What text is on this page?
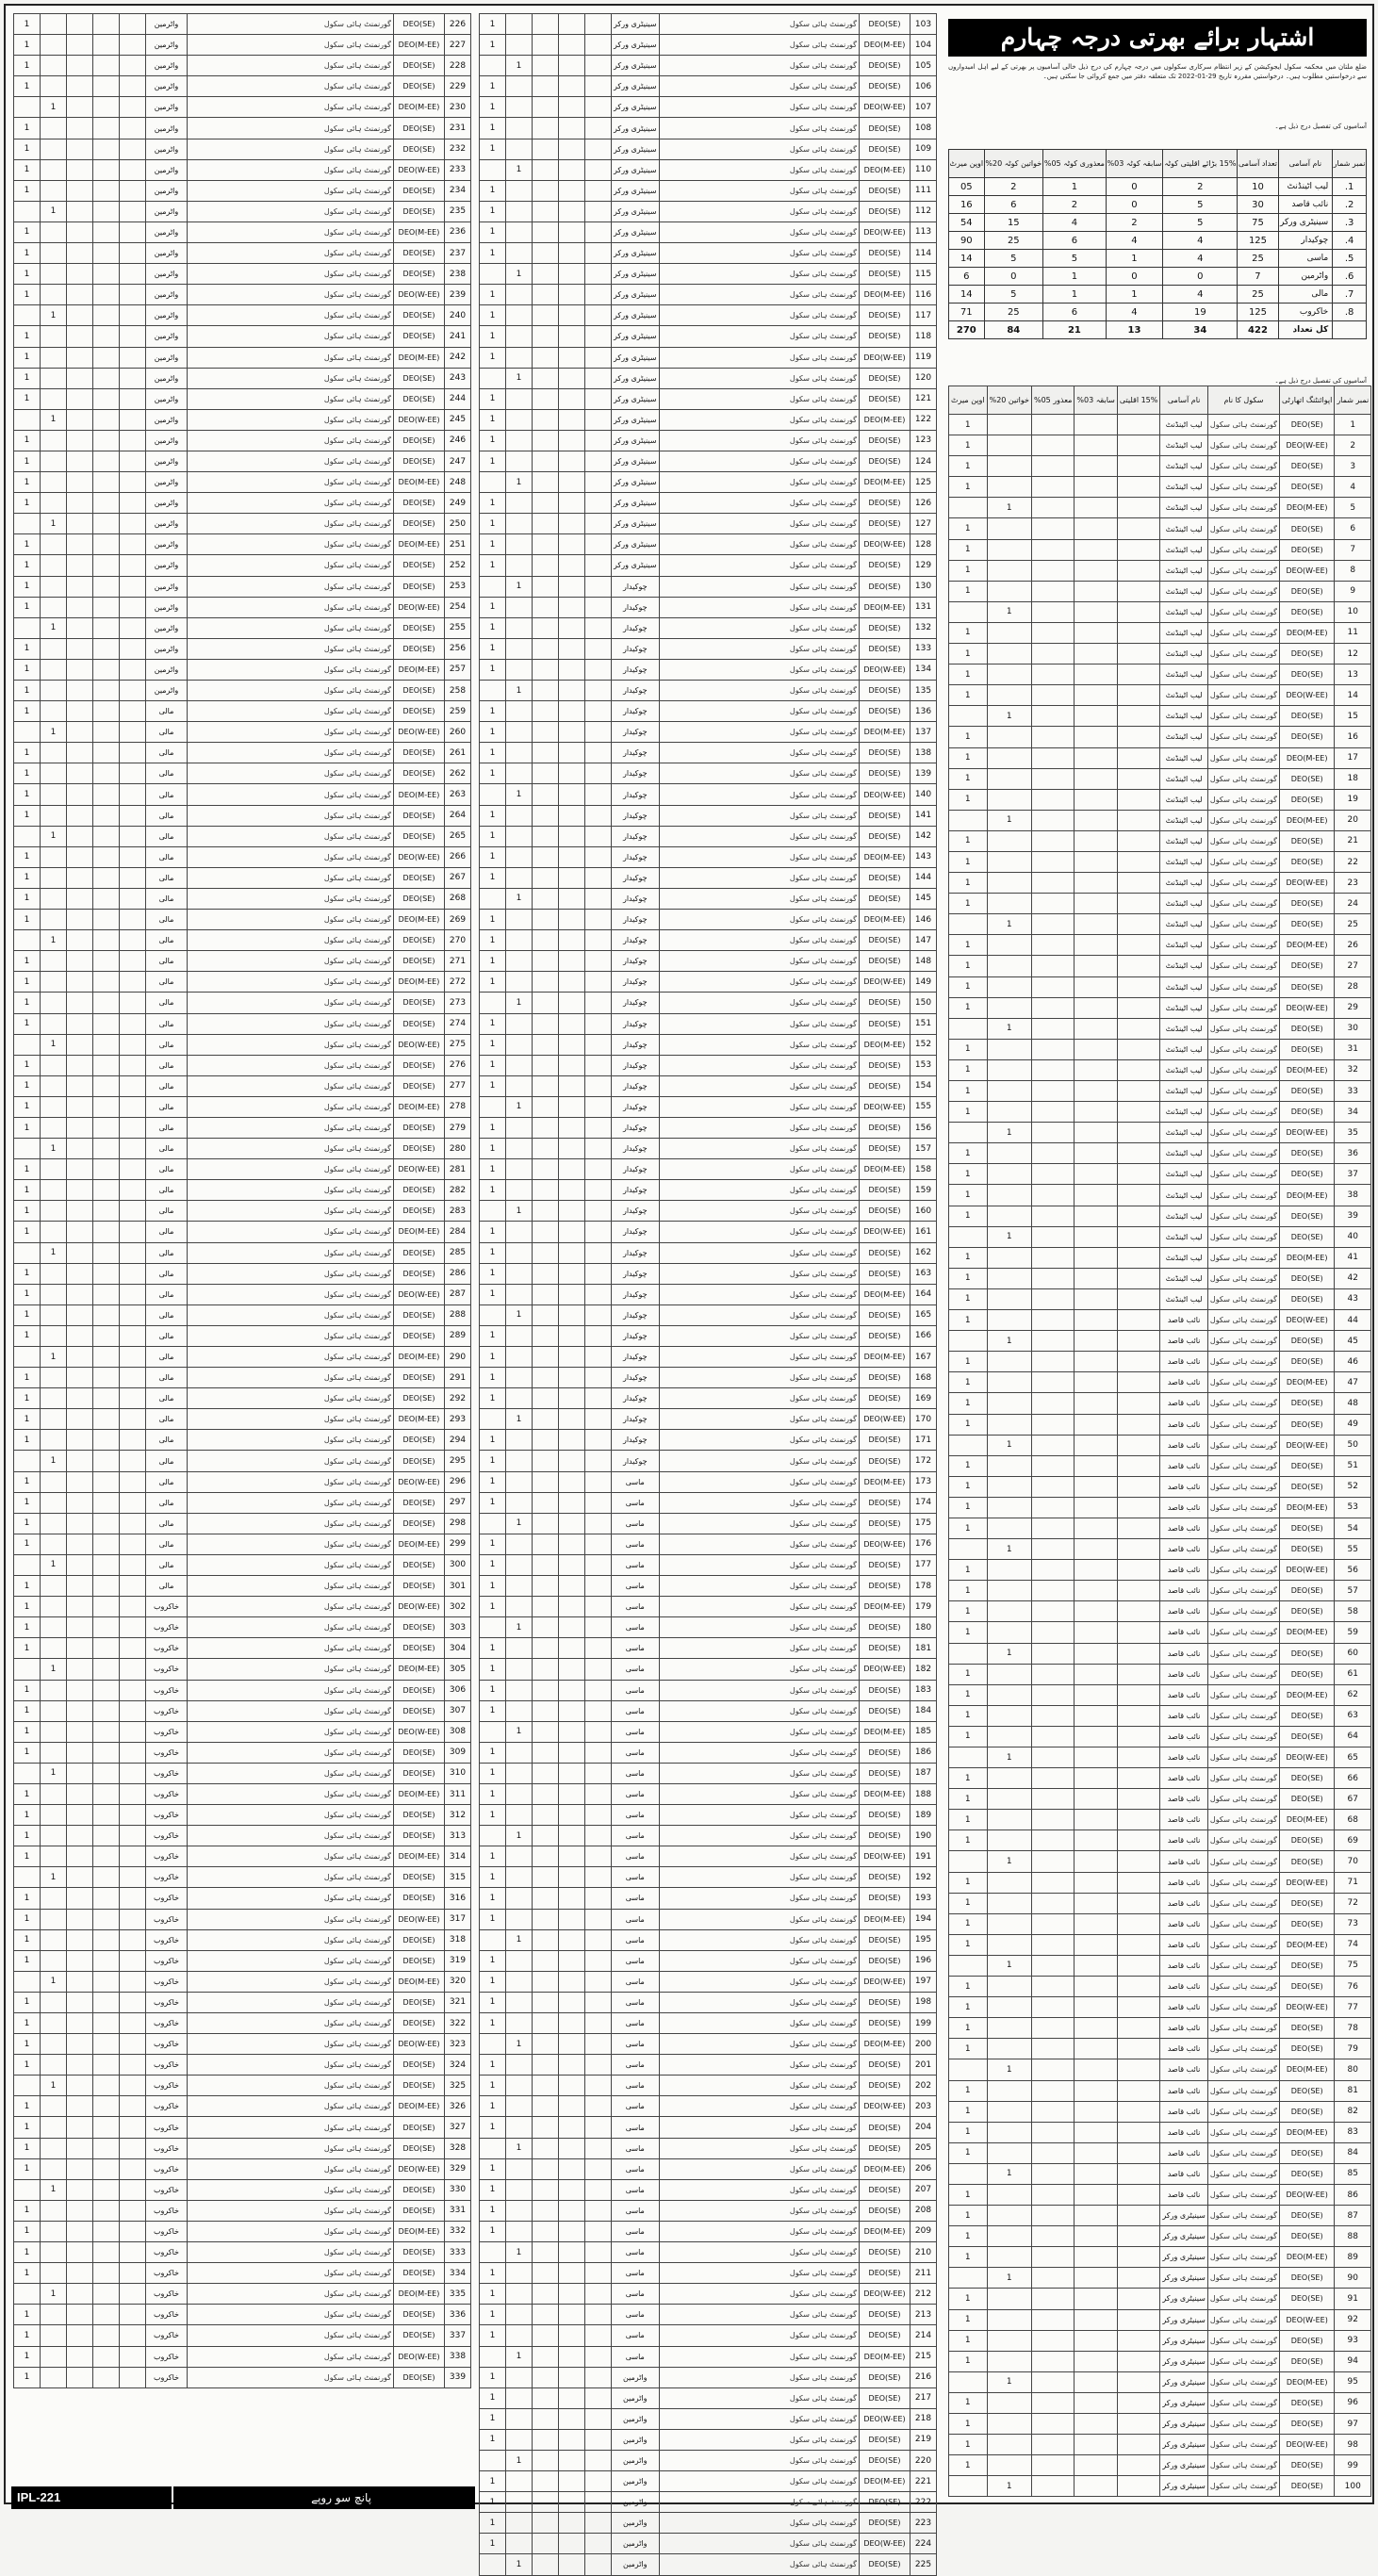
اشتہار برائے بھرتی درجہ چہارم
ضلع ملتان میں محکمہ سکول ایجوکیشن کے زیر انتظام سرکاری سکولوں میں درجہ چہارم کی درج ذیل خالی آسامیوں پر بھرتی کے لیے اہل امیدواروں سے درخواستیں مطلوب ہیں۔ درخواستیں مقررہ تاریخ 29-01-2022 تک متعلقہ دفتر میں جمع کروائی جا سکتی ہیں۔
آسامیوں کی تفصیل درج ذیل ہے۔
نمبر شمار	نام آسامی	تعداد آسامی	15% بڑائے اقلیتی کوٹہ	سابقہ کوٹہ 03%	معذوری کوٹہ 05%	خواتین کوٹہ 20%	اوپن میرٹ
1.	لیب اٹینڈنٹ	10	2	0	1	2	05
2.	نائب قاصد	30	5	0	2	6	16
3.	سینیٹری ورکر	75	5	2	4	15	54
4.	چوکیدار	125	4	4	6	25	90
5.	ماسی	25	4	1	5	5	14
6.	واٹرمین	7	0	0	1	0	6
7.	مالی	25	4	1	1	5	14
8.	خاکروب	125	19	4	6	25	71
	کل تعداد	422	34	13	21	84	270
آسامیوں کی تفصیل درج ذیل ہے۔
نمبر شمار	اپوائنٹنگ اتھارٹی	سکول کا نام	نام آسامی	15% اقلیتی	سابقہ 03%	معذور 05%	خواتین 20%	اوپن میرٹ
1	DEO(SE)	گورنمنٹ ہائی سکول	لیب اٹینڈنٹ					1
2	DEO(W-EE)	گورنمنٹ ہائی سکول	لیب اٹینڈنٹ					1
3	DEO(SE)	گورنمنٹ ہائی سکول	لیب اٹینڈنٹ					1
4	DEO(SE)	گورنمنٹ ہائی سکول	لیب اٹینڈنٹ					1
5	DEO(M-EE)	گورنمنٹ ہائی سکول	لیب اٹینڈنٹ				1	
6	DEO(SE)	گورنمنٹ ہائی سکول	لیب اٹینڈنٹ					1
7	DEO(SE)	گورنمنٹ ہائی سکول	لیب اٹینڈنٹ					1
8	DEO(W-EE)	گورنمنٹ ہائی سکول	لیب اٹینڈنٹ					1
9	DEO(SE)	گورنمنٹ ہائی سکول	لیب اٹینڈنٹ					1
10	DEO(SE)	گورنمنٹ ہائی سکول	لیب اٹینڈنٹ				1	
11	DEO(M-EE)	گورنمنٹ ہائی سکول	لیب اٹینڈنٹ					1
12	DEO(SE)	گورنمنٹ ہائی سکول	لیب اٹینڈنٹ					1
13	DEO(SE)	گورنمنٹ ہائی سکول	لیب اٹینڈنٹ					1
14	DEO(W-EE)	گورنمنٹ ہائی سکول	لیب اٹینڈنٹ					1
15	DEO(SE)	گورنمنٹ ہائی سکول	لیب اٹینڈنٹ				1	
16	DEO(SE)	گورنمنٹ ہائی سکول	لیب اٹینڈنٹ					1
17	DEO(M-EE)	گورنمنٹ ہائی سکول	لیب اٹینڈنٹ					1
18	DEO(SE)	گورنمنٹ ہائی سکول	لیب اٹینڈنٹ					1
19	DEO(SE)	گورنمنٹ ہائی سکول	لیب اٹینڈنٹ					1
20	DEO(M-EE)	گورنمنٹ ہائی سکول	لیب اٹینڈنٹ				1	
21	DEO(SE)	گورنمنٹ ہائی سکول	لیب اٹینڈنٹ					1
22	DEO(SE)	گورنمنٹ ہائی سکول	لیب اٹینڈنٹ					1
23	DEO(W-EE)	گورنمنٹ ہائی سکول	لیب اٹینڈنٹ					1
24	DEO(SE)	گورنمنٹ ہائی سکول	لیب اٹینڈنٹ					1
25	DEO(SE)	گورنمنٹ ہائی سکول	لیب اٹینڈنٹ				1	
26	DEO(M-EE)	گورنمنٹ ہائی سکول	لیب اٹینڈنٹ					1
27	DEO(SE)	گورنمنٹ ہائی سکول	لیب اٹینڈنٹ					1
28	DEO(SE)	گورنمنٹ ہائی سکول	لیب اٹینڈنٹ					1
29	DEO(W-EE)	گورنمنٹ ہائی سکول	لیب اٹینڈنٹ					1
30	DEO(SE)	گورنمنٹ ہائی سکول	لیب اٹینڈنٹ				1	
31	DEO(SE)	گورنمنٹ ہائی سکول	لیب اٹینڈنٹ					1
32	DEO(M-EE)	گورنمنٹ ہائی سکول	لیب اٹینڈنٹ					1
33	DEO(SE)	گورنمنٹ ہائی سکول	لیب اٹینڈنٹ					1
34	DEO(SE)	گورنمنٹ ہائی سکول	لیب اٹینڈنٹ					1
35	DEO(W-EE)	گورنمنٹ ہائی سکول	لیب اٹینڈنٹ				1	
36	DEO(SE)	گورنمنٹ ہائی سکول	لیب اٹینڈنٹ					1
37	DEO(SE)	گورنمنٹ ہائی سکول	لیب اٹینڈنٹ					1
38	DEO(M-EE)	گورنمنٹ ہائی سکول	لیب اٹینڈنٹ					1
39	DEO(SE)	گورنمنٹ ہائی سکول	لیب اٹینڈنٹ					1
40	DEO(SE)	گورنمنٹ ہائی سکول	لیب اٹینڈنٹ				1	
41	DEO(M-EE)	گورنمنٹ ہائی سکول	لیب اٹینڈنٹ					1
42	DEO(SE)	گورنمنٹ ہائی سکول	لیب اٹینڈنٹ					1
43	DEO(SE)	گورنمنٹ ہائی سکول	لیب اٹینڈنٹ					1
44	DEO(W-EE)	گورنمنٹ ہائی سکول	نائب قاصد					1
45	DEO(SE)	گورنمنٹ ہائی سکول	نائب قاصد				1	
46	DEO(SE)	گورنمنٹ ہائی سکول	نائب قاصد					1
47	DEO(M-EE)	گورنمنٹ ہائی سکول	نائب قاصد					1
48	DEO(SE)	گورنمنٹ ہائی سکول	نائب قاصد					1
49	DEO(SE)	گورنمنٹ ہائی سکول	نائب قاصد					1
50	DEO(W-EE)	گورنمنٹ ہائی سکول	نائب قاصد				1	
51	DEO(SE)	گورنمنٹ ہائی سکول	نائب قاصد					1
52	DEO(SE)	گورنمنٹ ہائی سکول	نائب قاصد					1
53	DEO(M-EE)	گورنمنٹ ہائی سکول	نائب قاصد					1
54	DEO(SE)	گورنمنٹ ہائی سکول	نائب قاصد					1
55	DEO(SE)	گورنمنٹ ہائی سکول	نائب قاصد				1	
56	DEO(W-EE)	گورنمنٹ ہائی سکول	نائب قاصد					1
57	DEO(SE)	گورنمنٹ ہائی سکول	نائب قاصد					1
58	DEO(SE)	گورنمنٹ ہائی سکول	نائب قاصد					1
59	DEO(M-EE)	گورنمنٹ ہائی سکول	نائب قاصد					1
60	DEO(SE)	گورنمنٹ ہائی سکول	نائب قاصد				1	
61	DEO(SE)	گورنمنٹ ہائی سکول	نائب قاصد					1
62	DEO(M-EE)	گورنمنٹ ہائی سکول	نائب قاصد					1
63	DEO(SE)	گورنمنٹ ہائی سکول	نائب قاصد					1
64	DEO(SE)	گورنمنٹ ہائی سکول	نائب قاصد					1
65	DEO(W-EE)	گورنمنٹ ہائی سکول	نائب قاصد				1	
66	DEO(SE)	گورنمنٹ ہائی سکول	نائب قاصد					1
67	DEO(SE)	گورنمنٹ ہائی سکول	نائب قاصد					1
68	DEO(M-EE)	گورنمنٹ ہائی سکول	نائب قاصد					1
69	DEO(SE)	گورنمنٹ ہائی سکول	نائب قاصد					1
70	DEO(SE)	گورنمنٹ ہائی سکول	نائب قاصد				1	
71	DEO(W-EE)	گورنمنٹ ہائی سکول	نائب قاصد					1
72	DEO(SE)	گورنمنٹ ہائی سکول	نائب قاصد					1
73	DEO(SE)	گورنمنٹ ہائی سکول	نائب قاصد					1
74	DEO(M-EE)	گورنمنٹ ہائی سکول	نائب قاصد					1
75	DEO(SE)	گورنمنٹ ہائی سکول	نائب قاصد				1	
76	DEO(SE)	گورنمنٹ ہائی سکول	نائب قاصد					1
77	DEO(W-EE)	گورنمنٹ ہائی سکول	نائب قاصد					1
78	DEO(SE)	گورنمنٹ ہائی سکول	نائب قاصد					1
79	DEO(SE)	گورنمنٹ ہائی سکول	نائب قاصد					1
80	DEO(M-EE)	گورنمنٹ ہائی سکول	نائب قاصد				1	
81	DEO(SE)	گورنمنٹ ہائی سکول	نائب قاصد					1
82	DEO(SE)	گورنمنٹ ہائی سکول	نائب قاصد					1
83	DEO(M-EE)	گورنمنٹ ہائی سکول	نائب قاصد					1
84	DEO(SE)	گورنمنٹ ہائی سکول	نائب قاصد					1
85	DEO(SE)	گورنمنٹ ہائی سکول	نائب قاصد				1	
86	DEO(W-EE)	گورنمنٹ ہائی سکول	نائب قاصد					1
87	DEO(SE)	گورنمنٹ ہائی سکول	سینیٹری ورکر					1
88	DEO(SE)	گورنمنٹ ہائی سکول	سینیٹری ورکر					1
89	DEO(M-EE)	گورنمنٹ ہائی سکول	سینیٹری ورکر					1
90	DEO(SE)	گورنمنٹ ہائی سکول	سینیٹری ورکر				1	
91	DEO(SE)	گورنمنٹ ہائی سکول	سینیٹری ورکر					1
92	DEO(W-EE)	گورنمنٹ ہائی سکول	سینیٹری ورکر					1
93	DEO(SE)	گورنمنٹ ہائی سکول	سینیٹری ورکر					1
94	DEO(SE)	گورنمنٹ ہائی سکول	سینیٹری ورکر					1
95	DEO(M-EE)	گورنمنٹ ہائی سکول	سینیٹری ورکر				1	
96	DEO(SE)	گورنمنٹ ہائی سکول	سینیٹری ورکر					1
97	DEO(SE)	گورنمنٹ ہائی سکول	سینیٹری ورکر					1
98	DEO(W-EE)	گورنمنٹ ہائی سکول	سینیٹری ورکر					1
99	DEO(SE)	گورنمنٹ ہائی سکول	سینیٹری ورکر					1
100	DEO(SE)	گورنمنٹ ہائی سکول	سینیٹری ورکر				1	
103	DEO(SE)	گورنمنٹ ہائی سکول	سینیٹری ورکر					1
104	DEO(M-EE)	گورنمنٹ ہائی سکول	سینیٹری ورکر					1
105	DEO(SE)	گورنمنٹ ہائی سکول	سینیٹری ورکر				1	
106	DEO(SE)	گورنمنٹ ہائی سکول	سینیٹری ورکر					1
107	DEO(W-EE)	گورنمنٹ ہائی سکول	سینیٹری ورکر					1
108	DEO(SE)	گورنمنٹ ہائی سکول	سینیٹری ورکر					1
109	DEO(SE)	گورنمنٹ ہائی سکول	سینیٹری ورکر					1
110	DEO(M-EE)	گورنمنٹ ہائی سکول	سینیٹری ورکر				1	
111	DEO(SE)	گورنمنٹ ہائی سکول	سینیٹری ورکر					1
112	DEO(SE)	گورنمنٹ ہائی سکول	سینیٹری ورکر					1
113	DEO(W-EE)	گورنمنٹ ہائی سکول	سینیٹری ورکر					1
114	DEO(SE)	گورنمنٹ ہائی سکول	سینیٹری ورکر					1
115	DEO(SE)	گورنمنٹ ہائی سکول	سینیٹری ورکر				1	
116	DEO(M-EE)	گورنمنٹ ہائی سکول	سینیٹری ورکر					1
117	DEO(SE)	گورنمنٹ ہائی سکول	سینیٹری ورکر					1
118	DEO(SE)	گورنمنٹ ہائی سکول	سینیٹری ورکر					1
119	DEO(W-EE)	گورنمنٹ ہائی سکول	سینیٹری ورکر					1
120	DEO(SE)	گورنمنٹ ہائی سکول	سینیٹری ورکر				1	
121	DEO(SE)	گورنمنٹ ہائی سکول	سینیٹری ورکر					1
122	DEO(M-EE)	گورنمنٹ ہائی سکول	سینیٹری ورکر					1
123	DEO(SE)	گورنمنٹ ہائی سکول	سینیٹری ورکر					1
124	DEO(SE)	گورنمنٹ ہائی سکول	سینیٹری ورکر					1
125	DEO(M-EE)	گورنمنٹ ہائی سکول	سینیٹری ورکر				1	
126	DEO(SE)	گورنمنٹ ہائی سکول	سینیٹری ورکر					1
127	DEO(SE)	گورنمنٹ ہائی سکول	سینیٹری ورکر					1
128	DEO(W-EE)	گورنمنٹ ہائی سکول	سینیٹری ورکر					1
129	DEO(SE)	گورنمنٹ ہائی سکول	سینیٹری ورکر					1
130	DEO(SE)	گورنمنٹ ہائی سکول	چوکیدار				1	
131	DEO(M-EE)	گورنمنٹ ہائی سکول	چوکیدار					1
132	DEO(SE)	گورنمنٹ ہائی سکول	چوکیدار					1
133	DEO(SE)	گورنمنٹ ہائی سکول	چوکیدار					1
134	DEO(W-EE)	گورنمنٹ ہائی سکول	چوکیدار					1
135	DEO(SE)	گورنمنٹ ہائی سکول	چوکیدار				1	
136	DEO(SE)	گورنمنٹ ہائی سکول	چوکیدار					1
137	DEO(M-EE)	گورنمنٹ ہائی سکول	چوکیدار					1
138	DEO(SE)	گورنمنٹ ہائی سکول	چوکیدار					1
139	DEO(SE)	گورنمنٹ ہائی سکول	چوکیدار					1
140	DEO(W-EE)	گورنمنٹ ہائی سکول	چوکیدار				1	
141	DEO(SE)	گورنمنٹ ہائی سکول	چوکیدار					1
142	DEO(SE)	گورنمنٹ ہائی سکول	چوکیدار					1
143	DEO(M-EE)	گورنمنٹ ہائی سکول	چوکیدار					1
144	DEO(SE)	گورنمنٹ ہائی سکول	چوکیدار					1
145	DEO(SE)	گورنمنٹ ہائی سکول	چوکیدار				1	
146	DEO(M-EE)	گورنمنٹ ہائی سکول	چوکیدار					1
147	DEO(SE)	گورنمنٹ ہائی سکول	چوکیدار					1
148	DEO(SE)	گورنمنٹ ہائی سکول	چوکیدار					1
149	DEO(W-EE)	گورنمنٹ ہائی سکول	چوکیدار					1
150	DEO(SE)	گورنمنٹ ہائی سکول	چوکیدار				1	
151	DEO(SE)	گورنمنٹ ہائی سکول	چوکیدار					1
152	DEO(M-EE)	گورنمنٹ ہائی سکول	چوکیدار					1
153	DEO(SE)	گورنمنٹ ہائی سکول	چوکیدار					1
154	DEO(SE)	گورنمنٹ ہائی سکول	چوکیدار					1
155	DEO(W-EE)	گورنمنٹ ہائی سکول	چوکیدار				1	
156	DEO(SE)	گورنمنٹ ہائی سکول	چوکیدار					1
157	DEO(SE)	گورنمنٹ ہائی سکول	چوکیدار					1
158	DEO(M-EE)	گورنمنٹ ہائی سکول	چوکیدار					1
159	DEO(SE)	گورنمنٹ ہائی سکول	چوکیدار					1
160	DEO(SE)	گورنمنٹ ہائی سکول	چوکیدار				1	
161	DEO(W-EE)	گورنمنٹ ہائی سکول	چوکیدار					1
162	DEO(SE)	گورنمنٹ ہائی سکول	چوکیدار					1
163	DEO(SE)	گورنمنٹ ہائی سکول	چوکیدار					1
164	DEO(M-EE)	گورنمنٹ ہائی سکول	چوکیدار					1
165	DEO(SE)	گورنمنٹ ہائی سکول	چوکیدار				1	
166	DEO(SE)	گورنمنٹ ہائی سکول	چوکیدار					1
167	DEO(M-EE)	گورنمنٹ ہائی سکول	چوکیدار					1
168	DEO(SE)	گورنمنٹ ہائی سکول	چوکیدار					1
169	DEO(SE)	گورنمنٹ ہائی سکول	چوکیدار					1
170	DEO(W-EE)	گورنمنٹ ہائی سکول	چوکیدار				1	
171	DEO(SE)	گورنمنٹ ہائی سکول	چوکیدار					1
172	DEO(SE)	گورنمنٹ ہائی سکول	چوکیدار					1
173	DEO(M-EE)	گورنمنٹ ہائی سکول	ماسی					1
174	DEO(SE)	گورنمنٹ ہائی سکول	ماسی					1
175	DEO(SE)	گورنمنٹ ہائی سکول	ماسی				1	
176	DEO(W-EE)	گورنمنٹ ہائی سکول	ماسی					1
177	DEO(SE)	گورنمنٹ ہائی سکول	ماسی					1
178	DEO(SE)	گورنمنٹ ہائی سکول	ماسی					1
179	DEO(M-EE)	گورنمنٹ ہائی سکول	ماسی					1
180	DEO(SE)	گورنمنٹ ہائی سکول	ماسی				1	
181	DEO(SE)	گورنمنٹ ہائی سکول	ماسی					1
182	DEO(W-EE)	گورنمنٹ ہائی سکول	ماسی					1
183	DEO(SE)	گورنمنٹ ہائی سکول	ماسی					1
184	DEO(SE)	گورنمنٹ ہائی سکول	ماسی					1
185	DEO(M-EE)	گورنمنٹ ہائی سکول	ماسی				1	
186	DEO(SE)	گورنمنٹ ہائی سکول	ماسی					1
187	DEO(SE)	گورنمنٹ ہائی سکول	ماسی					1
188	DEO(M-EE)	گورنمنٹ ہائی سکول	ماسی					1
189	DEO(SE)	گورنمنٹ ہائی سکول	ماسی					1
190	DEO(SE)	گورنمنٹ ہائی سکول	ماسی				1	
191	DEO(W-EE)	گورنمنٹ ہائی سکول	ماسی					1
192	DEO(SE)	گورنمنٹ ہائی سکول	ماسی					1
193	DEO(SE)	گورنمنٹ ہائی سکول	ماسی					1
194	DEO(M-EE)	گورنمنٹ ہائی سکول	ماسی					1
195	DEO(SE)	گورنمنٹ ہائی سکول	ماسی				1	
196	DEO(SE)	گورنمنٹ ہائی سکول	ماسی					1
197	DEO(W-EE)	گورنمنٹ ہائی سکول	ماسی					1
198	DEO(SE)	گورنمنٹ ہائی سکول	ماسی					1
199	DEO(SE)	گورنمنٹ ہائی سکول	ماسی					1
200	DEO(M-EE)	گورنمنٹ ہائی سکول	ماسی				1	
201	DEO(SE)	گورنمنٹ ہائی سکول	ماسی					1
202	DEO(SE)	گورنمنٹ ہائی سکول	ماسی					1
203	DEO(W-EE)	گورنمنٹ ہائی سکول	ماسی					1
204	DEO(SE)	گورنمنٹ ہائی سکول	ماسی					1
205	DEO(SE)	گورنمنٹ ہائی سکول	ماسی				1	
206	DEO(M-EE)	گورنمنٹ ہائی سکول	ماسی					1
207	DEO(SE)	گورنمنٹ ہائی سکول	ماسی					1
208	DEO(SE)	گورنمنٹ ہائی سکول	ماسی					1
209	DEO(M-EE)	گورنمنٹ ہائی سکول	ماسی					1
210	DEO(SE)	گورنمنٹ ہائی سکول	ماسی				1	
211	DEO(SE)	گورنمنٹ ہائی سکول	ماسی					1
212	DEO(W-EE)	گورنمنٹ ہائی سکول	ماسی					1
213	DEO(SE)	گورنمنٹ ہائی سکول	ماسی					1
214	DEO(SE)	گورنمنٹ ہائی سکول	ماسی					1
215	DEO(M-EE)	گورنمنٹ ہائی سکول	ماسی				1	
216	DEO(SE)	گورنمنٹ ہائی سکول	واٹرمین					1
217	DEO(SE)	گورنمنٹ ہائی سکول	واٹرمین					1
218	DEO(W-EE)	گورنمنٹ ہائی سکول	واٹرمین					1
219	DEO(SE)	گورنمنٹ ہائی سکول	واٹرمین					1
220	DEO(SE)	گورنمنٹ ہائی سکول	واٹرمین				1	
221	DEO(M-EE)	گورنمنٹ ہائی سکول	واٹرمین					1
222	DEO(SE)	گورنمنٹ ہائی سکول	واٹرمین					1
223	DEO(SE)	گورنمنٹ ہائی سکول	واٹرمین					1
224	DEO(W-EE)	گورنمنٹ ہائی سکول	واٹرمین					1
225	DEO(SE)	گورنمنٹ ہائی سکول	واٹرمین				1	
226	DEO(SE)	گورنمنٹ ہائی سکول	واٹرمین					1
227	DEO(M-EE)	گورنمنٹ ہائی سکول	واٹرمین					1
228	DEO(SE)	گورنمنٹ ہائی سکول	واٹرمین					1
229	DEO(SE)	گورنمنٹ ہائی سکول	واٹرمین					1
230	DEO(M-EE)	گورنمنٹ ہائی سکول	واٹرمین				1	
231	DEO(SE)	گورنمنٹ ہائی سکول	واٹرمین					1
232	DEO(SE)	گورنمنٹ ہائی سکول	واٹرمین					1
233	DEO(W-EE)	گورنمنٹ ہائی سکول	واٹرمین					1
234	DEO(SE)	گورنمنٹ ہائی سکول	واٹرمین					1
235	DEO(SE)	گورنمنٹ ہائی سکول	واٹرمین				1	
236	DEO(M-EE)	گورنمنٹ ہائی سکول	واٹرمین					1
237	DEO(SE)	گورنمنٹ ہائی سکول	واٹرمین					1
238	DEO(SE)	گورنمنٹ ہائی سکول	واٹرمین					1
239	DEO(W-EE)	گورنمنٹ ہائی سکول	واٹرمین					1
240	DEO(SE)	گورنمنٹ ہائی سکول	واٹرمین				1	
241	DEO(SE)	گورنمنٹ ہائی سکول	واٹرمین					1
242	DEO(M-EE)	گورنمنٹ ہائی سکول	واٹرمین					1
243	DEO(SE)	گورنمنٹ ہائی سکول	واٹرمین					1
244	DEO(SE)	گورنمنٹ ہائی سکول	واٹرمین					1
245	DEO(W-EE)	گورنمنٹ ہائی سکول	واٹرمین				1	
246	DEO(SE)	گورنمنٹ ہائی سکول	واٹرمین					1
247	DEO(SE)	گورنمنٹ ہائی سکول	واٹرمین					1
248	DEO(M-EE)	گورنمنٹ ہائی سکول	واٹرمین					1
249	DEO(SE)	گورنمنٹ ہائی سکول	واٹرمین					1
250	DEO(SE)	گورنمنٹ ہائی سکول	واٹرمین				1	
251	DEO(M-EE)	گورنمنٹ ہائی سکول	واٹرمین					1
252	DEO(SE)	گورنمنٹ ہائی سکول	واٹرمین					1
253	DEO(SE)	گورنمنٹ ہائی سکول	واٹرمین					1
254	DEO(W-EE)	گورنمنٹ ہائی سکول	واٹرمین					1
255	DEO(SE)	گورنمنٹ ہائی سکول	واٹرمین				1	
256	DEO(SE)	گورنمنٹ ہائی سکول	واٹرمین					1
257	DEO(M-EE)	گورنمنٹ ہائی سکول	واٹرمین					1
258	DEO(SE)	گورنمنٹ ہائی سکول	واٹرمین					1
259	DEO(SE)	گورنمنٹ ہائی سکول	مالی					1
260	DEO(W-EE)	گورنمنٹ ہائی سکول	مالی				1	
261	DEO(SE)	گورنمنٹ ہائی سکول	مالی					1
262	DEO(SE)	گورنمنٹ ہائی سکول	مالی					1
263	DEO(M-EE)	گورنمنٹ ہائی سکول	مالی					1
264	DEO(SE)	گورنمنٹ ہائی سکول	مالی					1
265	DEO(SE)	گورنمنٹ ہائی سکول	مالی				1	
266	DEO(W-EE)	گورنمنٹ ہائی سکول	مالی					1
267	DEO(SE)	گورنمنٹ ہائی سکول	مالی					1
268	DEO(SE)	گورنمنٹ ہائی سکول	مالی					1
269	DEO(M-EE)	گورنمنٹ ہائی سکول	مالی					1
270	DEO(SE)	گورنمنٹ ہائی سکول	مالی				1	
271	DEO(SE)	گورنمنٹ ہائی سکول	مالی					1
272	DEO(M-EE)	گورنمنٹ ہائی سکول	مالی					1
273	DEO(SE)	گورنمنٹ ہائی سکول	مالی					1
274	DEO(SE)	گورنمنٹ ہائی سکول	مالی					1
275	DEO(W-EE)	گورنمنٹ ہائی سکول	مالی				1	
276	DEO(SE)	گورنمنٹ ہائی سکول	مالی					1
277	DEO(SE)	گورنمنٹ ہائی سکول	مالی					1
278	DEO(M-EE)	گورنمنٹ ہائی سکول	مالی					1
279	DEO(SE)	گورنمنٹ ہائی سکول	مالی					1
280	DEO(SE)	گورنمنٹ ہائی سکول	مالی				1	
281	DEO(W-EE)	گورنمنٹ ہائی سکول	مالی					1
282	DEO(SE)	گورنمنٹ ہائی سکول	مالی					1
283	DEO(SE)	گورنمنٹ ہائی سکول	مالی					1
284	DEO(M-EE)	گورنمنٹ ہائی سکول	مالی					1
285	DEO(SE)	گورنمنٹ ہائی سکول	مالی				1	
286	DEO(SE)	گورنمنٹ ہائی سکول	مالی					1
287	DEO(W-EE)	گورنمنٹ ہائی سکول	مالی					1
288	DEO(SE)	گورنمنٹ ہائی سکول	مالی					1
289	DEO(SE)	گورنمنٹ ہائی سکول	مالی					1
290	DEO(M-EE)	گورنمنٹ ہائی سکول	مالی				1	
291	DEO(SE)	گورنمنٹ ہائی سکول	مالی					1
292	DEO(SE)	گورنمنٹ ہائی سکول	مالی					1
293	DEO(M-EE)	گورنمنٹ ہائی سکول	مالی					1
294	DEO(SE)	گورنمنٹ ہائی سکول	مالی					1
295	DEO(SE)	گورنمنٹ ہائی سکول	مالی				1	
296	DEO(W-EE)	گورنمنٹ ہائی سکول	مالی					1
297	DEO(SE)	گورنمنٹ ہائی سکول	مالی					1
298	DEO(SE)	گورنمنٹ ہائی سکول	مالی					1
299	DEO(M-EE)	گورنمنٹ ہائی سکول	مالی					1
300	DEO(SE)	گورنمنٹ ہائی سکول	مالی				1	
301	DEO(SE)	گورنمنٹ ہائی سکول	مالی					1
302	DEO(W-EE)	گورنمنٹ ہائی سکول	خاکروب					1
303	DEO(SE)	گورنمنٹ ہائی سکول	خاکروب					1
304	DEO(SE)	گورنمنٹ ہائی سکول	خاکروب					1
305	DEO(M-EE)	گورنمنٹ ہائی سکول	خاکروب				1	
306	DEO(SE)	گورنمنٹ ہائی سکول	خاکروب					1
307	DEO(SE)	گورنمنٹ ہائی سکول	خاکروب					1
308	DEO(W-EE)	گورنمنٹ ہائی سکول	خاکروب					1
309	DEO(SE)	گورنمنٹ ہائی سکول	خاکروب					1
310	DEO(SE)	گورنمنٹ ہائی سکول	خاکروب				1	
311	DEO(M-EE)	گورنمنٹ ہائی سکول	خاکروب					1
312	DEO(SE)	گورنمنٹ ہائی سکول	خاکروب					1
313	DEO(SE)	گورنمنٹ ہائی سکول	خاکروب					1
314	DEO(M-EE)	گورنمنٹ ہائی سکول	خاکروب					1
315	DEO(SE)	گورنمنٹ ہائی سکول	خاکروب				1	
316	DEO(SE)	گورنمنٹ ہائی سکول	خاکروب					1
317	DEO(W-EE)	گورنمنٹ ہائی سکول	خاکروب					1
318	DEO(SE)	گورنمنٹ ہائی سکول	خاکروب					1
319	DEO(SE)	گورنمنٹ ہائی سکول	خاکروب					1
320	DEO(M-EE)	گورنمنٹ ہائی سکول	خاکروب				1	
321	DEO(SE)	گورنمنٹ ہائی سکول	خاکروب					1
322	DEO(SE)	گورنمنٹ ہائی سکول	خاکروب					1
323	DEO(W-EE)	گورنمنٹ ہائی سکول	خاکروب					1
324	DEO(SE)	گورنمنٹ ہائی سکول	خاکروب					1
325	DEO(SE)	گورنمنٹ ہائی سکول	خاکروب				1	
326	DEO(M-EE)	گورنمنٹ ہائی سکول	خاکروب					1
327	DEO(SE)	گورنمنٹ ہائی سکول	خاکروب					1
328	DEO(SE)	گورنمنٹ ہائی سکول	خاکروب					1
329	DEO(W-EE)	گورنمنٹ ہائی سکول	خاکروب					1
330	DEO(SE)	گورنمنٹ ہائی سکول	خاکروب				1	
331	DEO(SE)	گورنمنٹ ہائی سکول	خاکروب					1
332	DEO(M-EE)	گورنمنٹ ہائی سکول	خاکروب					1
333	DEO(SE)	گورنمنٹ ہائی سکول	خاکروب					1
334	DEO(SE)	گورنمنٹ ہائی سکول	خاکروب					1
335	DEO(M-EE)	گورنمنٹ ہائی سکول	خاکروب				1	
336	DEO(SE)	گورنمنٹ ہائی سکول	خاکروب					1
337	DEO(SE)	گورنمنٹ ہائی سکول	خاکروب					1
338	DEO(W-EE)	گورنمنٹ ہائی سکول	خاکروب					1
339	DEO(SE)	گورنمنٹ ہائی سکول	خاکروب					1
IPL-221	پانچ سو روپے
